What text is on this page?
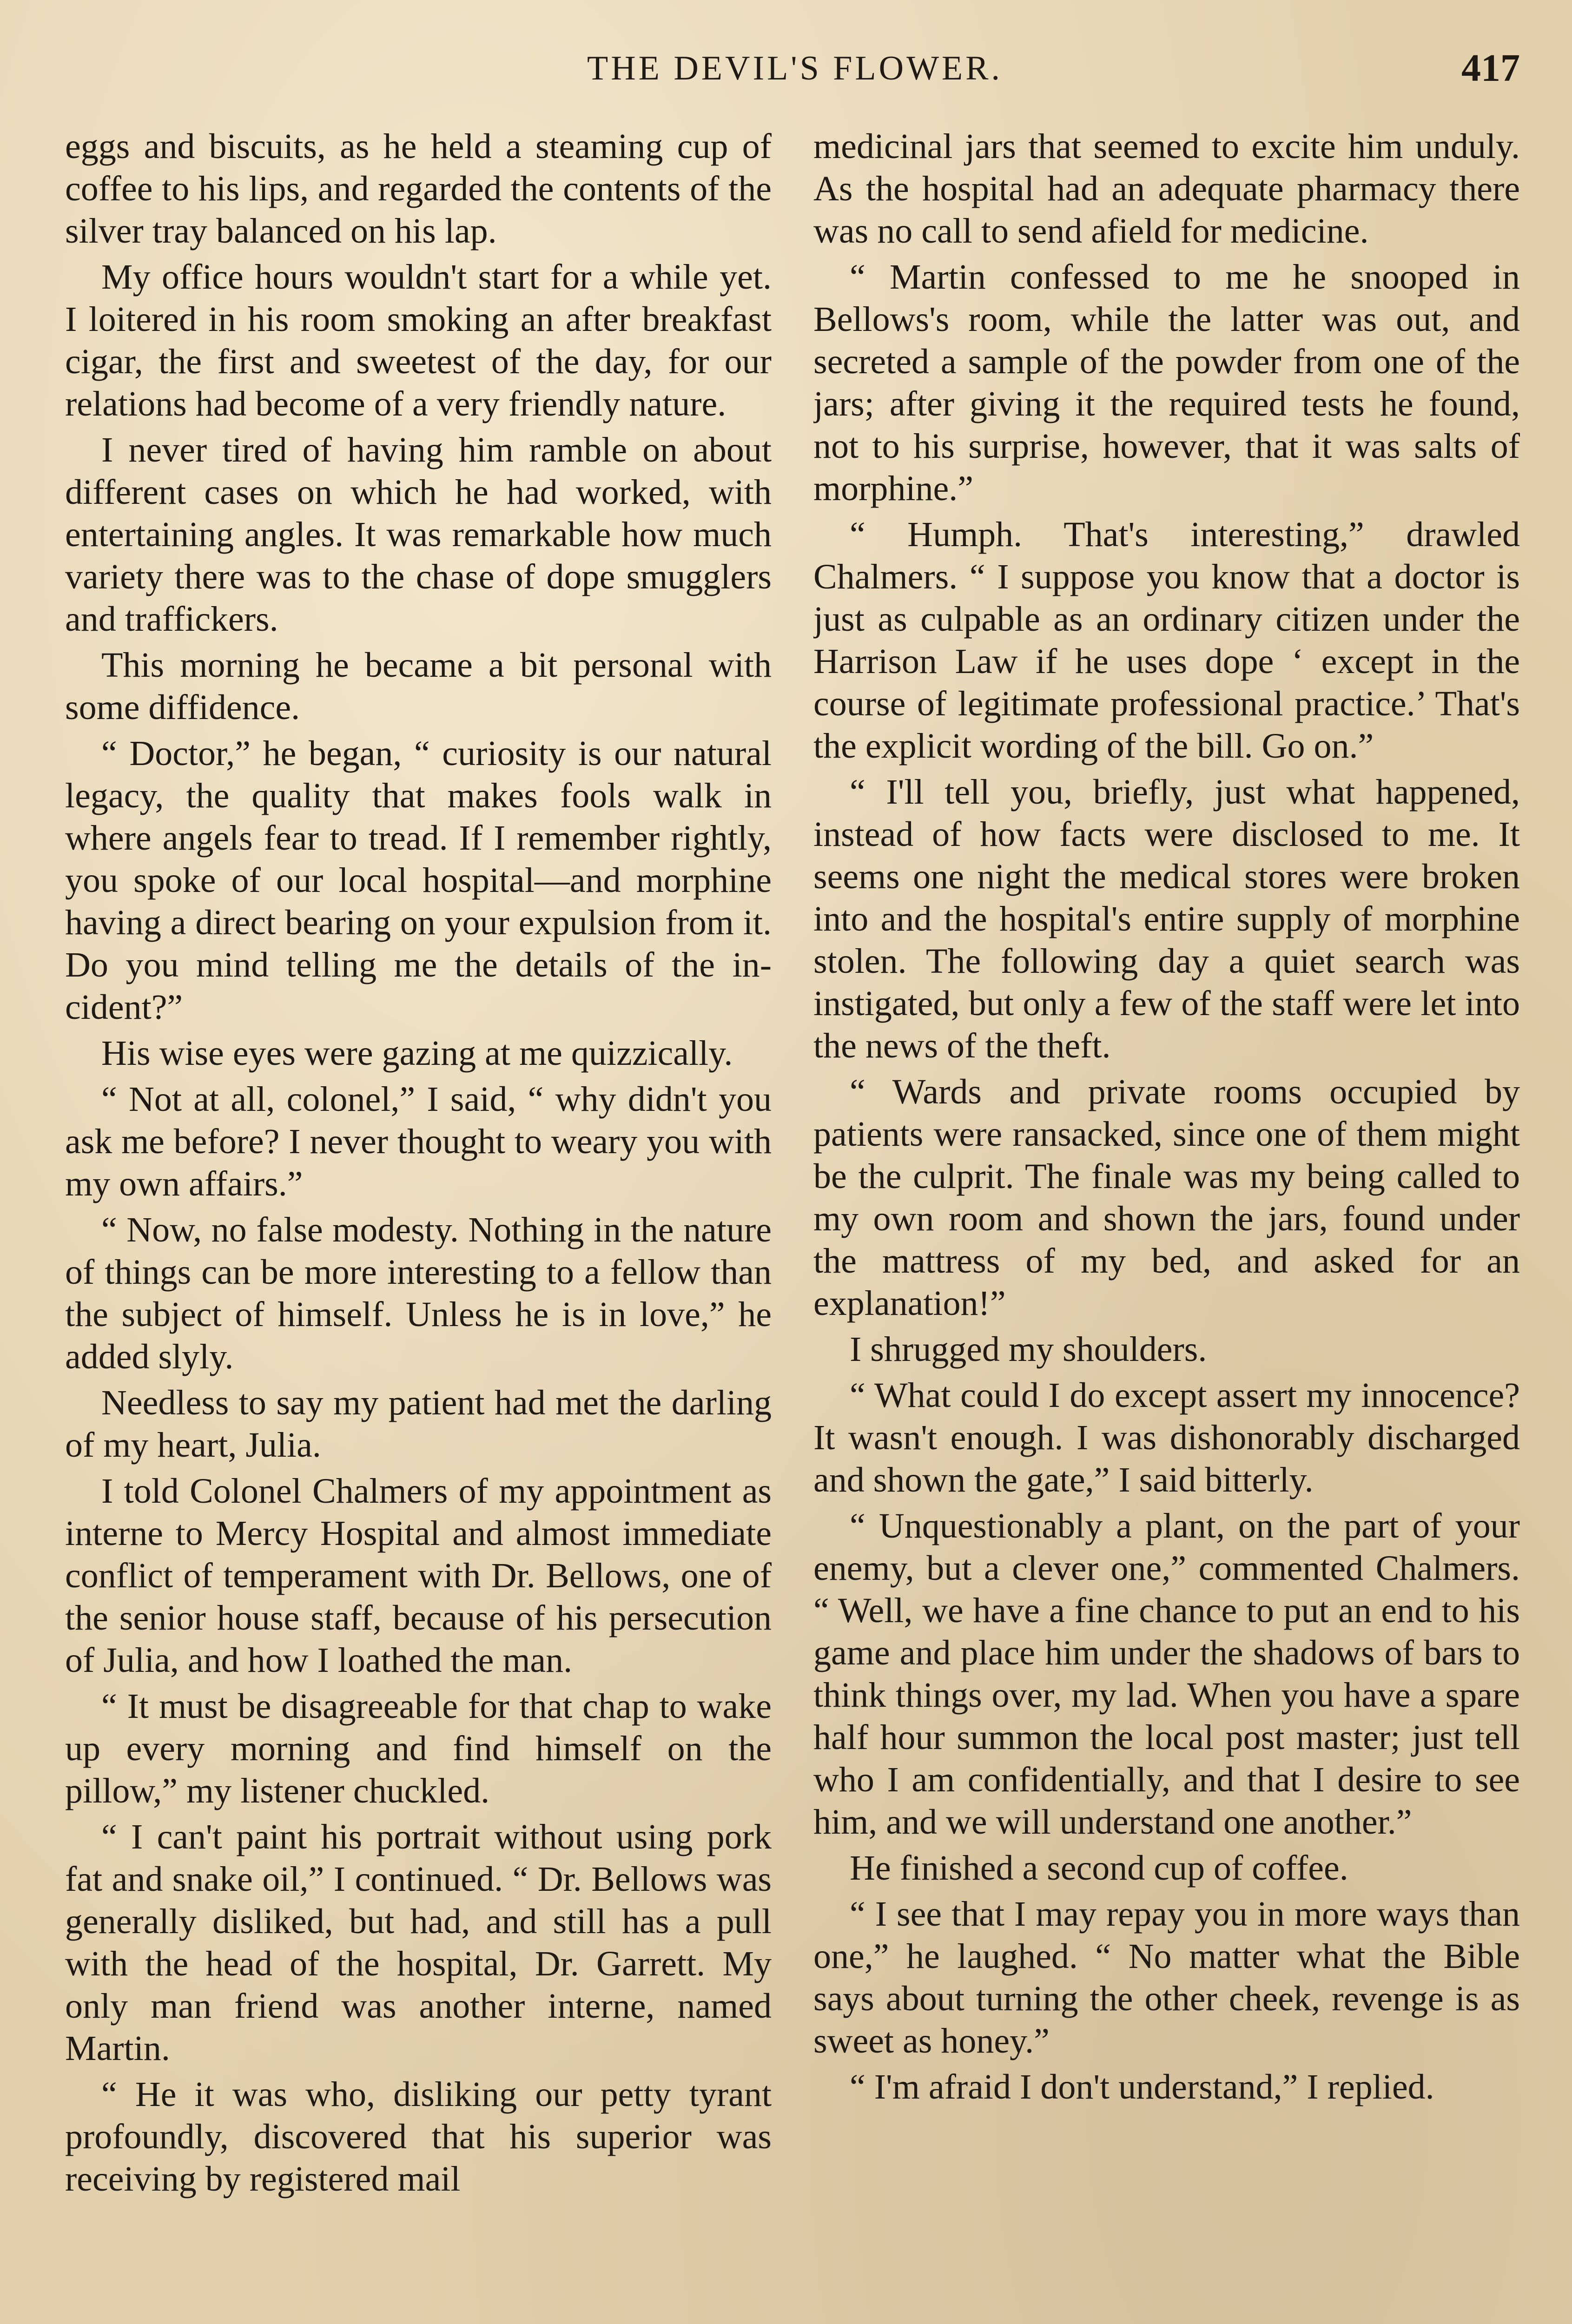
THE DEVIL'S FLOWER.	417

eggs and biscuits, as he held a steaming cup of coffee to his lips, and regarded the contents of the silver tray balanced on his lap.

My office hours wouldn't start for a while yet. I loitered in his room smoking an after breakfast cigar, the first and sweetest of the day, for our relations had become of a very friendly nature.

I never tired of having him ramble on about different cases on which he had worked, with entertaining angles. It was remarkable how much variety there was to the chase of dope smugglers and traffickers.

This morning he became a bit personal with some diffidence.

“ Doctor,” he began, “ curiosity is our natural legacy, the quality that makes fools walk in where angels fear to tread. If I remember rightly, you spoke of our local hospital—and morphine having a direct bearing on your expulsion from it. Do you mind telling me the details of the incident?”

His wise eyes were gazing at me quizzically.

“ Not at all, colonel,” I said, “ why didn't you ask me before? I never thought to weary you with my own affairs.”

“ Now, no false modesty. Nothing in the nature of things can be more interesting to a fellow than the subject of himself. Unless he is in love,” he added slyly.

Needless to say my patient had met the darling of my heart, Julia.

I told Colonel Chalmers of my appointment as interne to Mercy Hospital and almost immediate conflict of temperament with Dr. Bellows, one of the senior house staff, because of his persecution of Julia, and how I loathed the man.

“ It must be disagreeable for that chap to wake up every morning and find himself on the pillow,” my listener chuckled.

“ I can't paint his portrait without using pork fat and snake oil,” I continued. “ Dr. Bellows was generally disliked, but had, and still has a pull with the head of the hospital, Dr. Garrett. My only man friend was another interne, named Martin.

“ He it was who, disliking our petty tyrant profoundly, discovered that his superior was receiving by registered mail

medicinal jars that seemed to excite him unduly. As the hospital had an adequate pharmacy there was no call to send afield for medicine.

“ Martin confessed to me he snooped in Bellows's room, while the latter was out, and secreted a sample of the powder from one of the jars; after giving it the required tests he found, not to his surprise, however, that it was salts of morphine.”

“ Humph. That's interesting,” drawled Chalmers. “ I suppose you know that a doctor is just as culpable as an ordinary citizen under the Harrison Law if he uses dope ‘ except in the course of legitimate professional practice.’ That's the explicit wording of the bill. Go on.”

“ I'll tell you, briefly, just what happened, instead of how facts were disclosed to me. It seems one night the medical stores were broken into and the hospital's entire supply of morphine stolen. The following day a quiet search was instigated, but only a few of the staff were let into the news of the theft.

“ Wards and private rooms occupied by patients were ransacked, since one of them might be the culprit. The finale was my being called to my own room and shown the jars, found under the mattress of my bed, and asked for an explanation!”

I shrugged my shoulders.

“ What could I do except assert my innocence? It wasn't enough. I was dishonorably discharged and shown the gate,” I said bitterly.

“ Unquestionably a plant, on the part of your enemy, but a clever one,” commented Chalmers. “ Well, we have a fine chance to put an end to his game and place him under the shadows of bars to think things over, my lad. When you have a spare half hour summon the local post master; just tell who I am confidentially, and that I desire to see him, and we will understand one another.”

He finished a second cup of coffee.

“ I see that I may repay you in more ways than one,” he laughed. “ No matter what the Bible says about turning the other cheek, revenge is as sweet as honey.”

“ I'm afraid I don't understand,” I replied.
